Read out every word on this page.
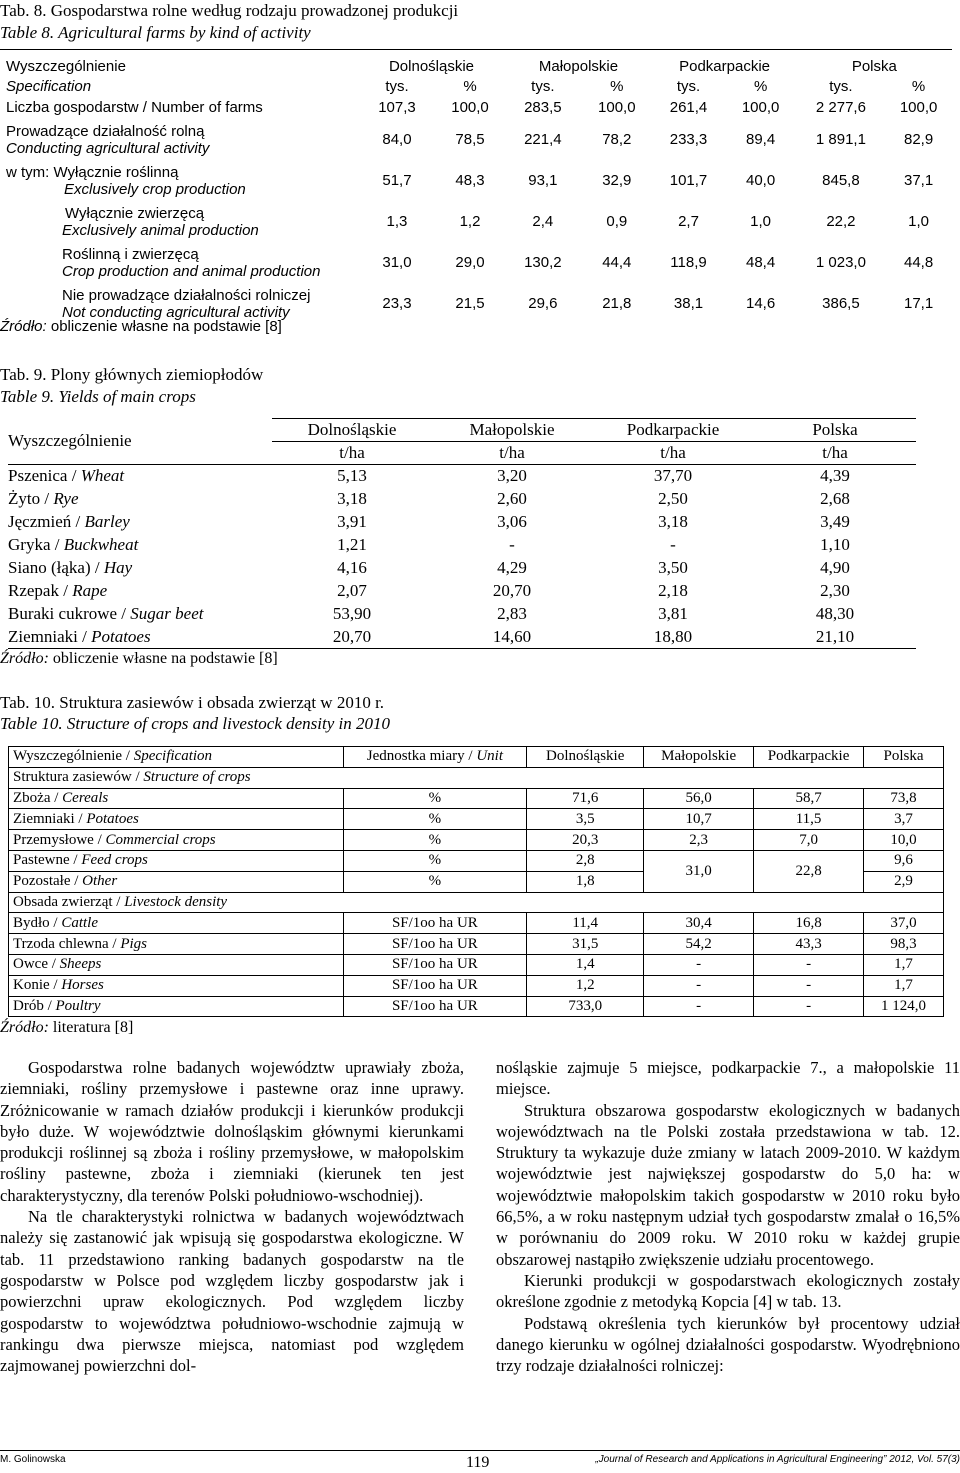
Tab. 8. Gospodarstwa rolne według rodzaju prowadzonej produkcji
Table 8. Agricultural farms by kind of activity
Wyszczególnienie	Dolnośląskie		Małopolskie		Podkarpackie		Polska	
Specification	tys.	%	tys.	%	tys.	%	tys.	%
Liczba gospodarstw / Number of farms	107,3	100,0	283,5	100,0	261,4	100,0	2 277,6	100,0

Prowadzące działalność rolną
Conducting agricultural activity	84,0	78,5	221,4	78,2	233,3	89,4	1 891,1	82,9

w tym: Wyłącznie roślinną
Exclusively crop production	51,7	48,3	93,1	32,9	101,7	40,0	845,8	37,1

Wyłącznie zwierzęcą
Exclusively animal production	1,3	1,2	2,4	0,9	2,7	1,0	22,2	1,0

Roślinną i zwierzęcą
Crop production and animal production	31,0	29,0	130,2	44,4	118,9	48,4	1 023,0	44,8

Nie prowadzące działalności rolniczej
Not conducting agricultural activity	23,3	21,5	29,6	21,8	38,1	14,6	386,5	17,1
Źródło: obliczenie własne na podstawie [8]
Tab. 9. Plony głównych ziemiopłodów
Table 9. Yields of main crops
Wyszczególnienie	Dolnośląskie	Małopolskie	Podkarpackie	Polska
	t/ha	t/ha	t/ha	t/ha
Pszenica / Wheat	5,13	3,20	37,70	4,39
Żyto / Rye	3,18	2,60	2,50	2,68
Jęczmień / Barley	3,91	3,06	3,18	3,49
Gryka / Buckwheat	1,21	-	-	1,10
Siano (łąka) / Hay	4,16	4,29	3,50	4,90
Rzepak / Rape	2,07	20,70	2,18	2,30
Buraki cukrowe / Sugar beet	53,90	2,83	3,81	48,30
Ziemniaki / Potatoes	20,70	14,60	18,80	21,10
Źródło: obliczenie własne na podstawie [8]
Tab. 10. Struktura zasiewów i obsada zwierząt w 2010 r.
Table 10. Structure of crops and livestock density in 2010
Wyszczególnienie / Specification	Jednostka miary / Unit	Dolnośląskie	Małopolskie	Podkarpackie	Polska
Struktura zasiewów / Structure of crops					
Zboża / Cereals	%	71,6	56,0	58,7	73,8
Ziemniaki / Potatoes	%	3,5	10,7	11,5	3,7
Przemysłowe / Commercial crops	%	20,3	2,3	7,0	10,0
Pastewne / Feed crops	%	2,8	31,0	22,8	9,6
Pozostałe / Other	%	1,8			2,9
Obsada zwierząt / Livestock density					
Bydło / Cattle	SF/1oo ha UR	11,4	30,4	16,8	37,0
Trzoda chlewna / Pigs	SF/1oo ha UR	31,5	54,2	43,3	98,3
Owce / Sheeps	SF/1oo ha UR	1,4	-	-	1,7
Konie / Horses	SF/1oo ha UR	1,2	-	-	1,7
Drób / Poultry	SF/1oo ha UR	733,0	-	-	1 124,0
Źródło: literatura [8]

Gospodarstwa rolne badanych województw uprawiały zboża, ziemniaki, rośliny przemysłowe i pastewne oraz inne uprawy. Zróżnicowanie w ramach działów produkcji i kierunków produkcji było duże. W województwie dolnośląskim głównymi kierunkami produkcji roślinnej są zboża i rośliny przemysłowe, w małopolskim rośliny pastewne, zboża i ziemniaki (kierunek ten jest charakterystyczny, dla terenów Polski południowo-wschodniej).

Na tle charakterystyki rolnictwa w badanych województwach należy się zastanowić jak wpisują się gospodarstwa ekologiczne. W tab. 11 przedstawiono ranking badanych gospodarstw na tle gospodarstw w Polsce pod względem liczby gospodarstw jak i powierzchni upraw ekologicznych. Pod względem liczby gospodarstw to województwa południowo-wschodnie zajmują w rankingu dwa pierwsze miejsca, natomiast pod względem zajmowanej powierzchni dol-

nośląskie zajmuje 5 miejsce, podkarpackie 7., a małopolskie 11 miejsce.

Struktura obszarowa gospodarstw ekologicznych w badanych województwach na tle Polski została przedstawiona w tab. 12. Struktury ta wykazuje duże zmiany w latach 2009-2010. W każdym województwie jest największej gospodarstw do 5,0 ha: w województwie małopolskim takich gospodarstw w 2010 roku było 66,5%, a w roku następnym udział tych gospodarstw zmalał o 16,5% w porównaniu do 2009 roku. W 2010 roku w każdej grupie obszarowej nastąpiło zwiększenie udziału procentowego.

Kierunki produkcji w gospodarstwach ekologicznych zostały określone zgodnie z metodyką Kopcia [4] w tab. 13.

Podstawą określenia tych kierunków był procentowy udział danego kierunku w ogólnej działalności gospodarstw. Wyodrębniono trzy rodzaje działalności rolniczej:

M. Golinowska	119	„Journal of Research and Applications in Agricultural Engineering” 2012, Vol. 57(3)
